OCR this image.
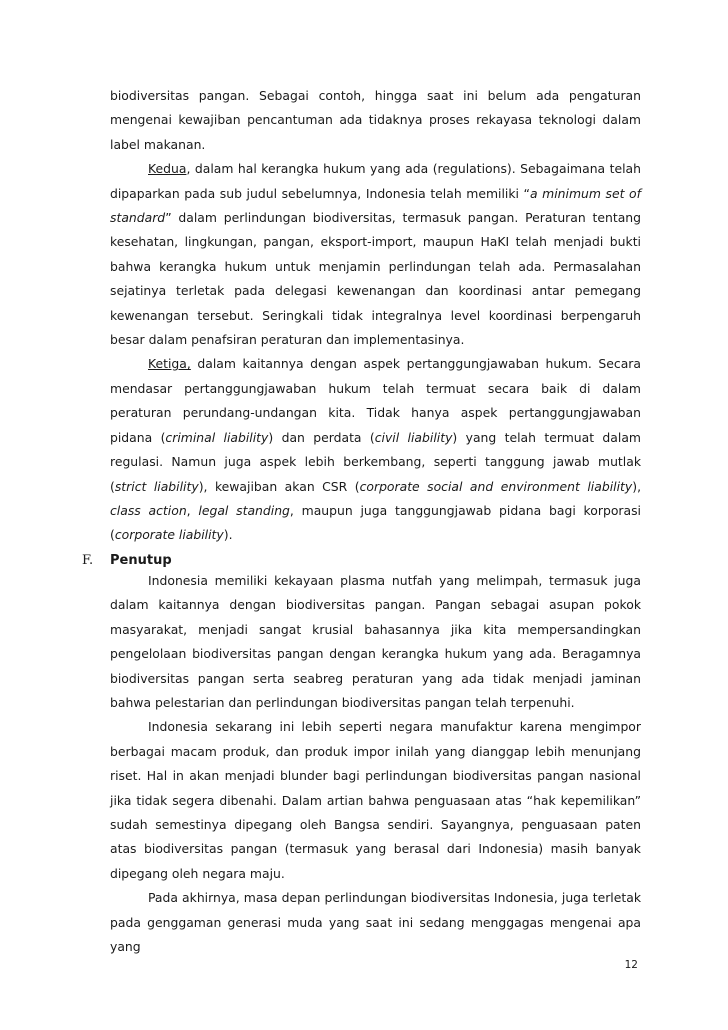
biodiversitas pangan. Sebagai contoh, hingga saat ini belum ada pengaturan mengenai kewajiban pencantuman ada tidaknya proses rekayasa teknologi dalam label makanan.

Kedua, dalam hal kerangka hukum yang ada (regulations). Sebagaimana telah dipaparkan pada sub judul sebelumnya, Indonesia telah memiliki “a minimum set of standard” dalam perlindungan biodiversitas, termasuk pangan. Peraturan tentang kesehatan, lingkungan, pangan, eksport-import, maupun HaKI telah menjadi bukti bahwa kerangka hukum untuk menjamin perlindungan telah ada. Permasalahan sejatinya terletak pada delegasi kewenangan dan koordinasi antar pemegang kewenangan tersebut. Seringkali tidak integralnya level koordinasi berpengaruh besar dalam penafsiran peraturan dan implementasinya.

Ketiga, dalam kaitannya dengan aspek pertanggungjawaban hukum. Secara mendasar pertanggungjawaban hukum telah termuat secara baik di dalam peraturan perundang-undangan kita. Tidak hanya aspek pertanggungjawaban pidana (criminal liability) dan perdata (civil liability) yang telah termuat dalam regulasi. Namun juga aspek lebih berkembang, seperti tanggung jawab mutlak (strict liability), kewajiban akan CSR (corporate social and environment liability), class action, legal standing, maupun juga tanggungjawab pidana bagi korporasi (corporate liability).

F. Penutup

Indonesia memiliki kekayaan plasma nutfah yang melimpah, termasuk juga dalam kaitannya dengan biodiversitas pangan. Pangan sebagai asupan pokok masyarakat, menjadi sangat krusial bahasannya jika kita mempersandingkan pengelolaan biodiversitas pangan dengan kerangka hukum yang ada. Beragamnya biodiversitas pangan serta seabreg peraturan yang ada tidak menjadi jaminan bahwa pelestarian dan perlindungan biodiversitas pangan telah terpenuhi.

Indonesia sekarang ini lebih seperti negara manufaktur karena mengimpor berbagai macam produk, dan produk impor inilah yang dianggap lebih menunjang riset. Hal in akan menjadi blunder bagi perlindungan biodiversitas pangan nasional jika tidak segera dibenahi. Dalam artian bahwa penguasaan atas “hak kepemilikan” sudah semestinya dipegang oleh Bangsa sendiri. Sayangnya, penguasaan paten atas biodiversitas pangan (termasuk yang berasal dari Indonesia) masih banyak dipegang oleh negara maju.

Pada akhirnya, masa depan perlindungan biodiversitas Indonesia, juga terletak pada genggaman generasi muda yang saat ini sedang menggagas mengenai apa yang

12
